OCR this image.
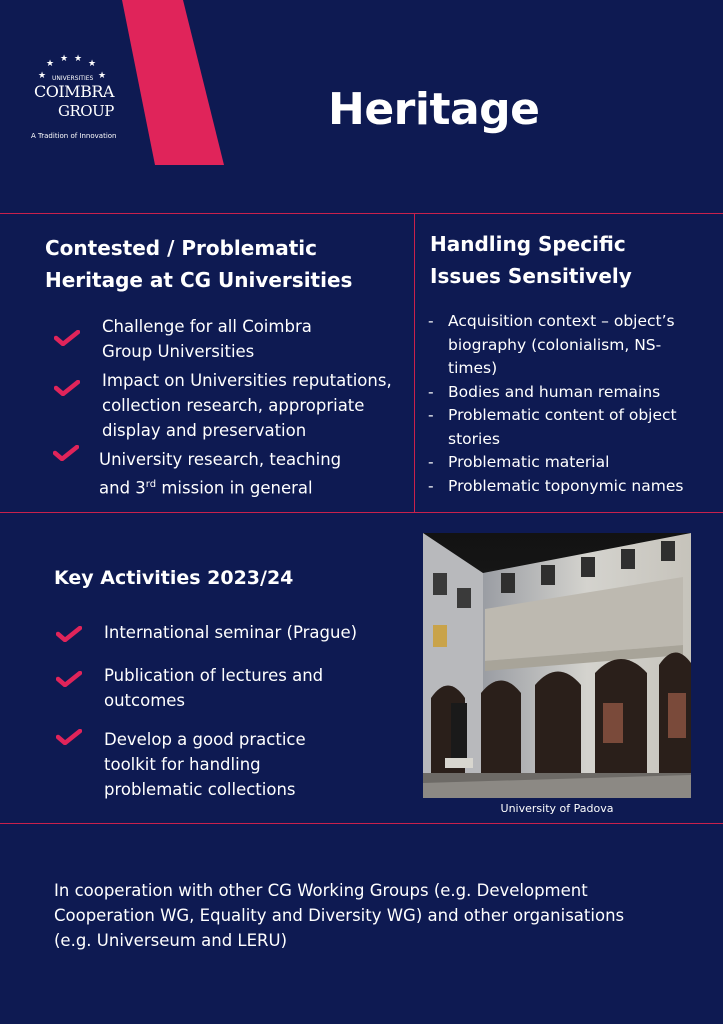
★
★ ★ ★ ★
★
UNIVERSITIES
COIMBRA
GROUP
A Tradition of Innovation
Heritage
Contested / Problematic
Heritage at CG Universities
Challenge for all Coimbra
Group Universities
Impact on Universities reputations,
collection research, appropriate
display and preservation
University research, teaching
and 3rd mission in general
Handling Specific
Issues Sensitively
- Acquisition context – object’s
biography (colonialism, NS-
times)
- Bodies and human remains
- Problematic content of object
stories
- Problematic material
- Problematic toponymic names
Key Activities 2023/24
International seminar (Prague)
Publication of lectures and
outcomes
Develop a good practice
toolkit for handling
problematic collections
University of Padova

In cooperation with other CG Working Groups (e.g. Development
Cooperation WG, Equality and Diversity WG) and other organisations
(e.g. Universeum and LERU)
